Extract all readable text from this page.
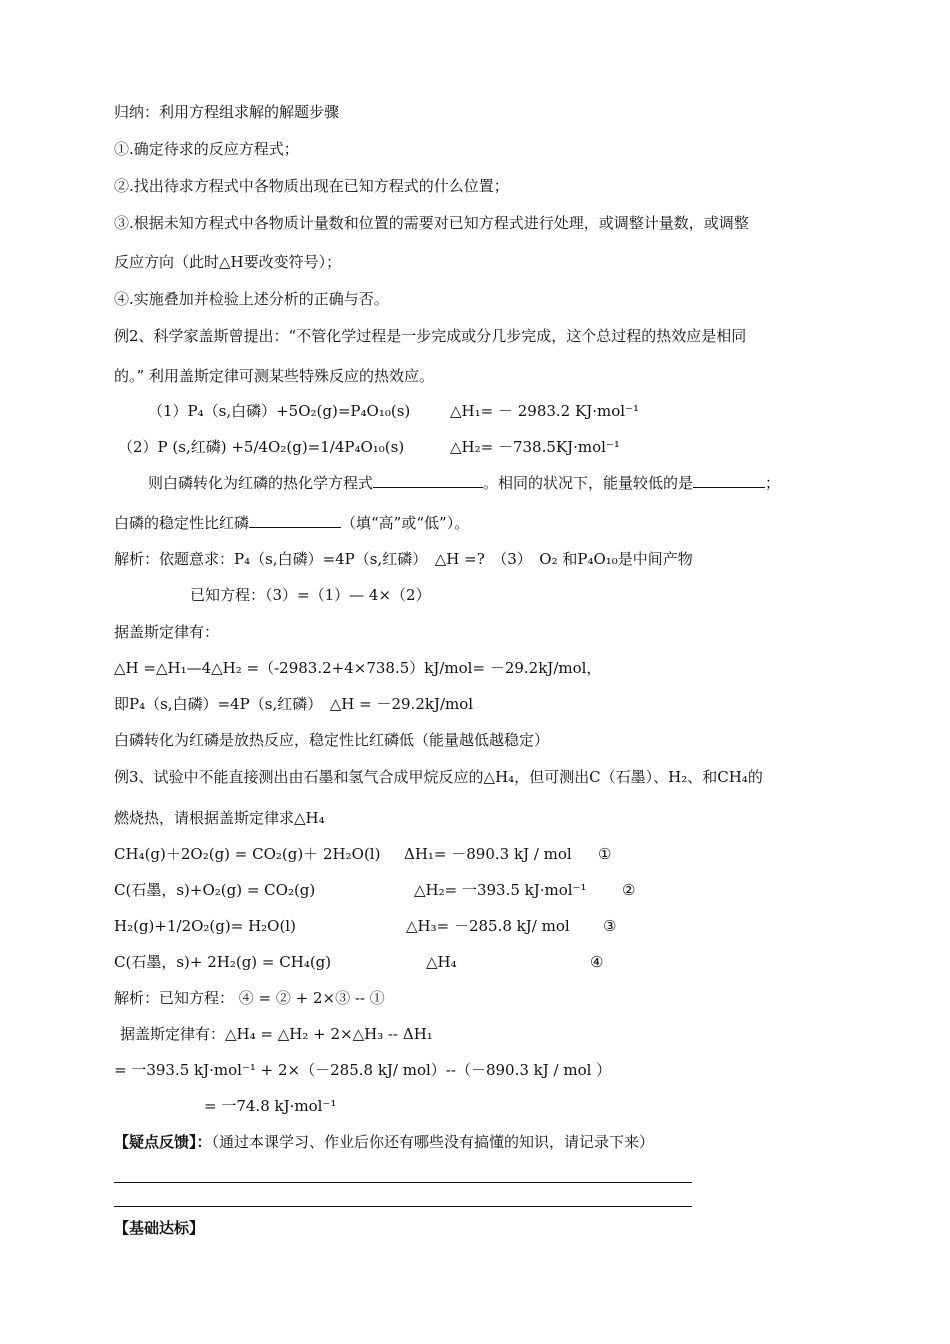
归纳：利用方程组求解的解题步骤
①.确定待求的反应方程式；
②.找出待求方程式中各物质出现在已知方程式的什么位置；
③.根据未知方程式中各物质计量数和位置的需要对已知方程式进行处理，或调整计量数，或调整
反应方向（此时△H要改变符号）；
④.实施叠加并检验上述分析的正确与否。
例2、科学家盖斯曾提出：“不管化学过程是一步完成或分几步完成，这个总过程的热效应是相同
的。” 利用盖斯定律可测某些特殊反应的热效应。
（1）P₄（s,白磷）+5O₂(g)=P₄O₁₀(s)	△H₁= － 2983.2 KJ·mol⁻¹
（2）P (s,红磷) +5/4O₂(g)=1/4P₄O₁₀(s)	△H₂= －738.5KJ·mol⁻¹
则白磷转化为红磷的热化学方程式	。相同的状况下，能量较低的是	；
白磷的稳定性比红磷	（填“高”或“低”）。
解析：依题意求：P₄（s,白磷）=4P（s,红磷）　△H =?　（3）　O₂ 和P₄O₁₀是中间产物
已知方程：（3）=（1）— 4×（2）
据盖斯定律有：
△H =△H₁—4△H₂ =（-2983.2+4×738.5）kJ/mol= －29.2kJ/mol，
即P₄（s,白磷）=4P（s,红磷）　△H = －29.2kJ/mol
白磷转化为红磷是放热反应，稳定性比红磷低（能量越低越稳定）
例3、试验中不能直接测出由石墨和氢气合成甲烷反应的△H₄，但可测出C（石墨）、H₂、和CH₄的
燃烧热，请根据盖斯定律求△H₄
CH₄(g)＋2O₂(g) = CO₂(g)＋ 2H₂O(l) ΔH₁= －890.3 kJ / mol ①
C(石墨，s)+O₂(g) = CO₂(g)	△H₂= 一393.5 kJ·mol⁻¹ ②
H₂(g)+1/2O₂(g)= H₂O(l)	△H₃= －285.8 kJ/ mol ③
C(石墨，s)+ 2H₂(g) = CH₄(g)	△H₄	④
解析：已知方程： ④ = ② + 2×③ -- ①
据盖斯定律有：△H₄ = △H₂ + 2×△H₃ -- ΔH₁
= 一393.5 kJ·mol⁻¹ + 2×（－285.8 kJ/ mol）--（－890.3 kJ / mol ）
= 一74.8 kJ·mol⁻¹
【疑点反馈】：（通过本课学习、作业后你还有哪些没有搞懂的知识，请记录下来）
【基础达标】
